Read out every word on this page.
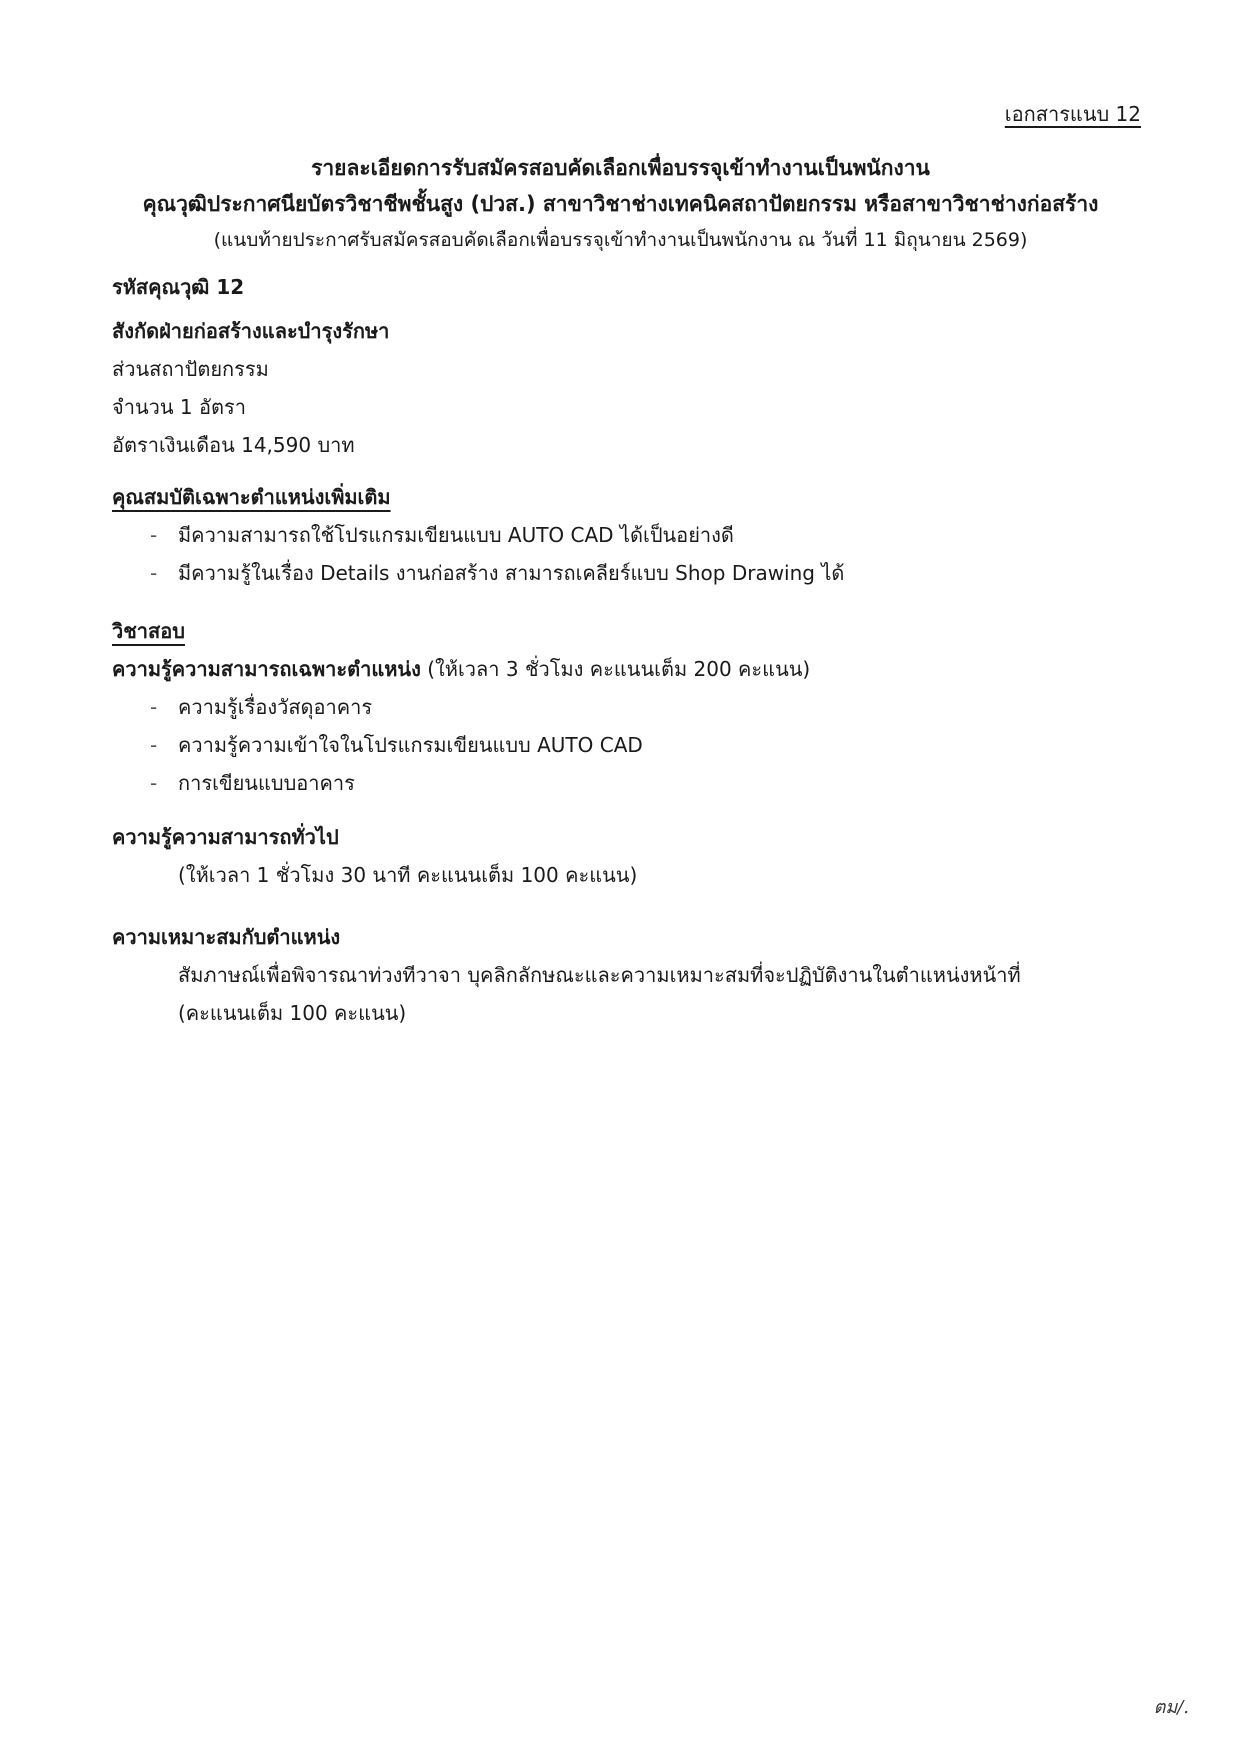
เอกสารแนบ 12
รายละเอียดการรับสมัครสอบคัดเลือกเพื่อบรรจุเข้าทำงานเป็นพนักงาน
คุณวุฒิประกาศนียบัตรวิชาชีพชั้นสูง (ปวส.) สาขาวิชาช่างเทคนิคสถาปัตยกรรม หรือสาขาวิชาช่างก่อสร้าง
(แนบท้ายประกาศรับสมัครสอบคัดเลือกเพื่อบรรจุเข้าทำงานเป็นพนักงาน ณ วันที่ 11 มิถุนายน 2569)
รหัสคุณวุฒิ 12
สังกัดฝ่ายก่อสร้างและบำรุงรักษา
ส่วนสถาปัตยกรรม
จำนวน 1 อัตรา
อัตราเงินเดือน 14,590 บาท
คุณสมบัติเฉพาะตำแหน่งเพิ่มเติม
- มีความสามารถใช้โปรแกรมเขียนแบบ AUTO CAD ได้เป็นอย่างดี
- มีความรู้ในเรื่อง Details งานก่อสร้าง สามารถเคลียร์แบบ Shop Drawing ได้
วิชาสอบ
ความรู้ความสามารถเฉพาะตำแหน่ง (ให้เวลา 3 ชั่วโมง คะแนนเต็ม 200 คะแนน)
- ความรู้เรื่องวัสดุอาคาร
- ความรู้ความเข้าใจในโปรแกรมเขียนแบบ AUTO CAD
- การเขียนแบบอาคาร
ความรู้ความสามารถทั่วไป
(ให้เวลา 1 ชั่วโมง 30 นาที คะแนนเต็ม 100 คะแนน)
ความเหมาะสมกับตำแหน่ง
สัมภาษณ์เพื่อพิจารณาท่วงทีวาจา บุคลิกลักษณะและความเหมาะสมที่จะปฏิบัติงานในตำแหน่งหน้าที่
(คะแนนเต็ม 100 คะแนน)
ตม/.
